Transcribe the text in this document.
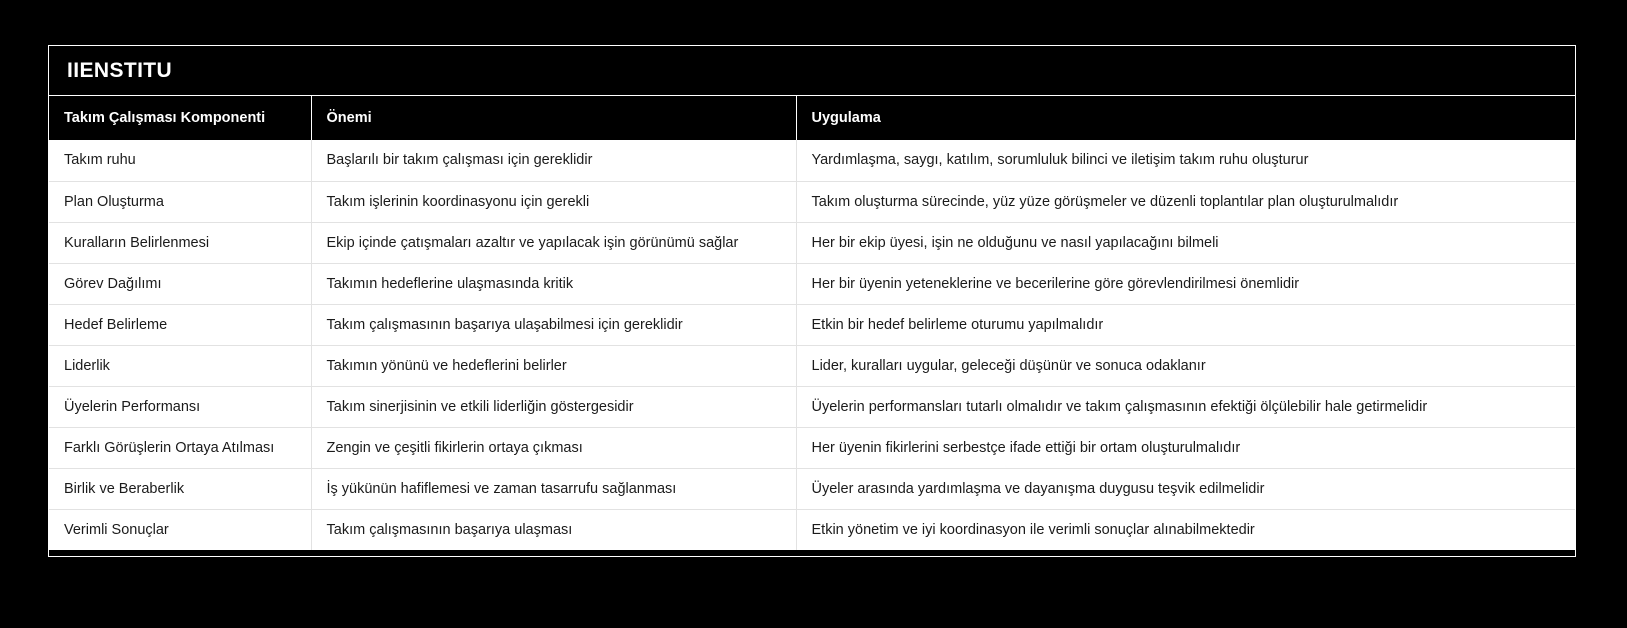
IIENSTITU
Takım Çalışması Komponenti	Önemi	Uygulama
Takım ruhu	Başlarılı bir takım çalışması için gereklidir	Yardımlaşma, saygı, katılım, sorumluluk bilinci ve iletişim takım ruhu oluşturur
Plan Oluşturma	Takım işlerinin koordinasyonu için gerekli	Takım oluşturma sürecinde, yüz yüze görüşmeler ve düzenli toplantılar plan oluşturulmalıdır
Kuralların Belirlenmesi	Ekip içinde çatışmaları azaltır ve yapılacak işin görünümü sağlar	Her bir ekip üyesi, işin ne olduğunu ve nasıl yapılacağını bilmeli
Görev Dağılımı	Takımın hedeflerine ulaşmasında kritik	Her bir üyenin yeteneklerine ve becerilerine göre görevlendirilmesi önemlidir
Hedef Belirleme	Takım çalışmasının başarıya ulaşabilmesi için gereklidir	Etkin bir hedef belirleme oturumu yapılmalıdır
Liderlik	Takımın yönünü ve hedeflerini belirler	Lider, kuralları uygular, geleceği düşünür ve sonuca odaklanır
Üyelerin Performansı	Takım sinerjisinin ve etkili liderliğin göstergesidir	Üyelerin performansları tutarlı olmalıdır ve takım çalışmasının efektiği ölçülebilir hale getirmelidir
Farklı Görüşlerin Ortaya Atılması	Zengin ve çeşitli fikirlerin ortaya çıkması	Her üyenin fikirlerini serbestçe ifade ettiği bir ortam oluşturulmalıdır
Birlik ve Beraberlik	İş yükünün hafiflemesi ve zaman tasarrufu sağlanması	Üyeler arasında yardımlaşma ve dayanışma duygusu teşvik edilmelidir
Verimli Sonuçlar	Takım çalışmasının başarıya ulaşması	Etkin yönetim ve iyi koordinasyon ile verimli sonuçlar alınabilmektedir
